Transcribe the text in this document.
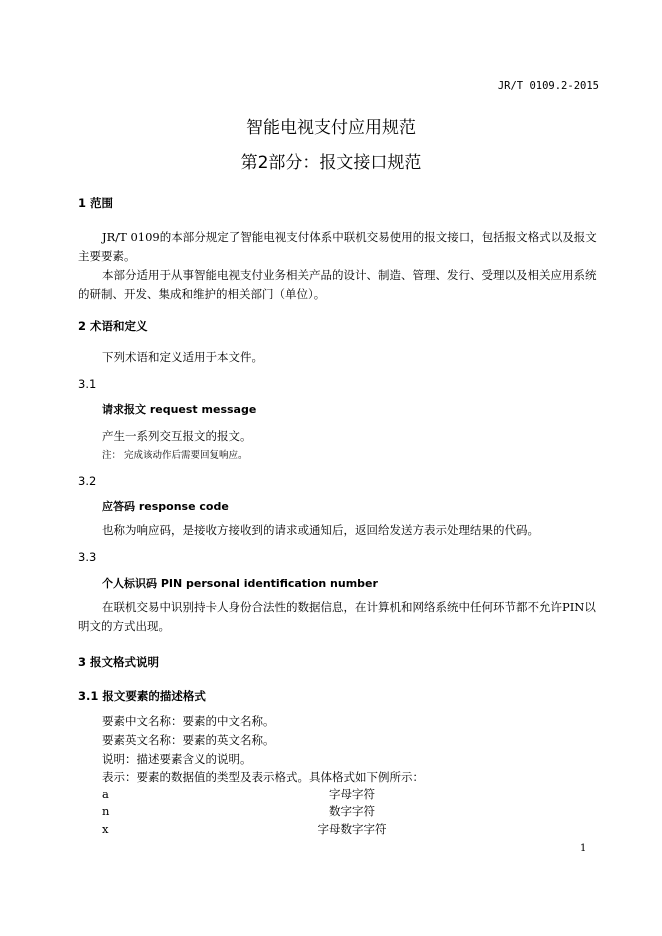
JR/T 0109.2-2015
智能电视支付应用规范
第2部分：报文接口规范
1 范围
JR/T 0109的本部分规定了智能电视支付体系中联机交易使用的报文接口，包括报文格式以及报文主要要素。
本部分适用于从事智能电视支付业务相关产品的设计、制造、管理、发行、受理以及相关应用系统的研制、开发、集成和维护的相关部门（单位）。
2 术语和定义
下列术语和定义适用于本文件。
3.1
请求报文 request message
产生一系列交互报文的报文。
注： 完成该动作后需要回复响应。
3.2
应答码 response code
也称为响应码，是接收方接收到的请求或通知后，返回给发送方表示处理结果的代码。
3.3
个人标识码 PIN personal identification number
在联机交易中识别持卡人身份合法性的数据信息，在计算机和网络系统中任何环节都不允许PIN以明文的方式出现。
3 报文格式说明
3.1 报文要素的描述格式
要素中文名称：要素的中文名称。
要素英文名称：要素的英文名称。
说明：描述要素含义的说明。
表示：要素的数据值的类型及表示格式。具体格式如下例所示：
a	字母字符
n	数字字符
x	字母数字字符
1
